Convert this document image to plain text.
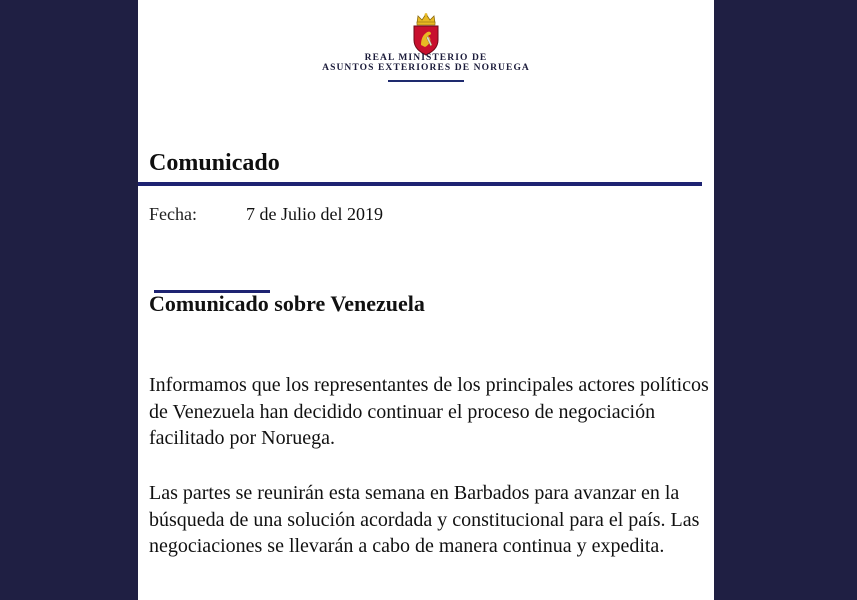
REAL MINISTERIO DE
ASUNTOS EXTERIORES DE NORUEGA
Comunicado
Fecha:	7 de Julio del 2019
Comunicado sobre Venezuela

Informamos que los representantes de los principales actores políticos de Venezuela han decidido continuar el proceso de negociación facilitado por Noruega.

Las partes se reunirán esta semana en Barbados para avanzar en la búsqueda de una solución acordada y constitucional para el país. Las negociaciones se llevarán a cabo de manera continua y expedita.
